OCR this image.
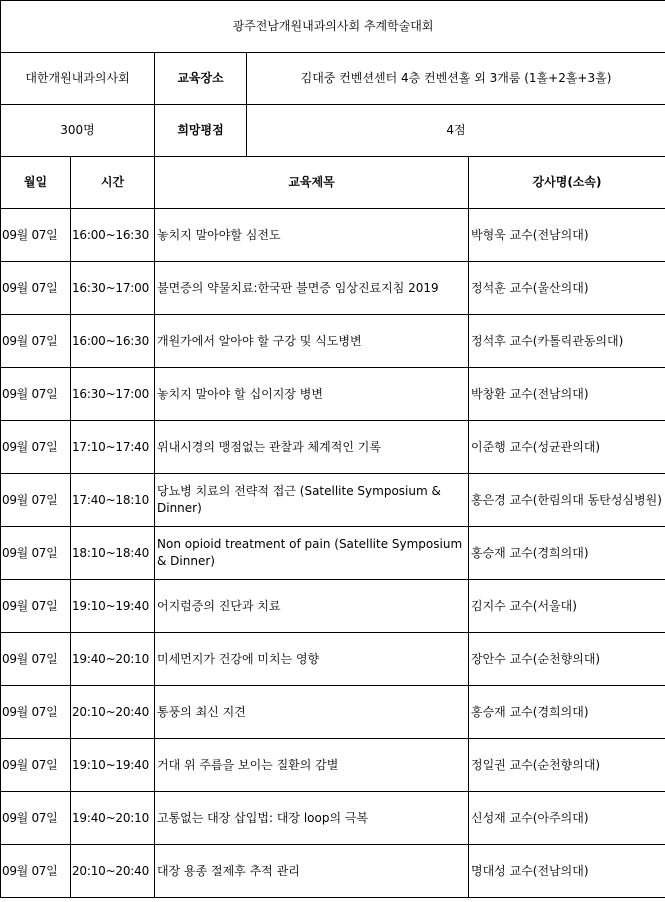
광주전남개원내과의사회 추계학술대회				
대한개원내과의사회		교육장소	김대중 컨벤션센터 4층 컨벤션홀 외 3개룸 (1홀+2홀+3홀)	
300명		희망평점	4점	
월일	시간	교육제목		강사명(소속)
09월 07일	16:00~16:30	놓치지 말아야할 심전도		박형욱 교수(전남의대)
09월 07일	16:30~17:00	불면증의 약물치료:한국판 불면증 임상진료지침 2019		정석훈 교수(울산의대)
09월 07일	16:00~16:30	개원가에서 알아야 할 구강 및 식도병변		정석후 교수(카톨릭관동의대)
09월 07일	16:30~17:00	놓치지 말아야 할 십이지장 병변		박창환 교수(전남의대)
09월 07일	17:10~17:40	위내시경의 맹점없는 관찰과 체계적인 기록		이준행 교수(성균관의대)
09월 07일	17:40~18:10	당뇨병 치료의 전략적 접근 (Satellite Symposium & Dinner)		홍은경 교수(한림의대 동탄성심병원)
09월 07일	18:10~18:40	Non opioid treatment of pain (Satellite Symposium & Dinner)		홍승재 교수(경희의대)
09월 07일	19:10~19:40	어지럼증의 진단과 치료		김지수 교수(서울대)
09월 07일	19:40~20:10	미세먼지가 건강에 미치는 영향		장안수 교수(순천향의대)
09월 07일	20:10~20:40	통풍의 최신 지견		홍승재 교수(경희의대)
09월 07일	19:10~19:40	거대 위 주름을 보이는 질환의 감별		정일권 교수(순천향의대)
09월 07일	19:40~20:10	고통없는 대장 삽입법: 대장 loop의 극복		신성재 교수(아주의대)
09월 07일	20:10~20:40	대장 용종 절제후 추적 관리		명대성 교수(전남의대)
